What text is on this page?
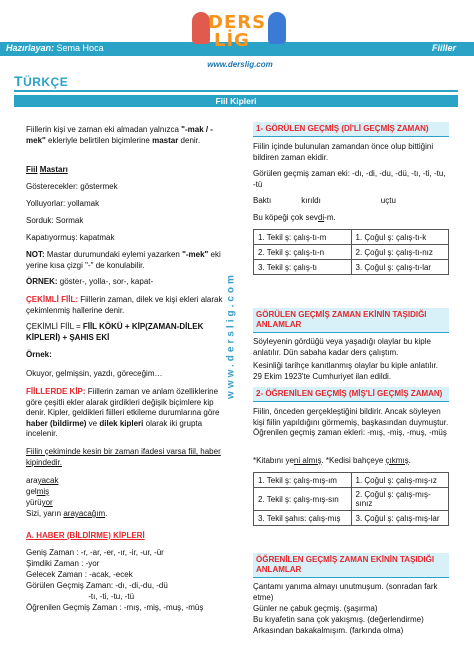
Hazırlayan: Sema Hoca	Fiiller
DERS
LİG
www.derslig.com
TÜRKÇE
Fiil Kipleri
www.derslig.com
Fiillerin kişi ve zaman eki almadan yalnızca "-mak / -mek" ekleriyle belirtilen biçimlerine mastar denir.
Fiil Mastarı
Gösterecekler: göstermek
Yolluyorlar: yollamak
Sorduk: Sormak
Kapatıyormuş: kapatmak
NOT: Mastar durumundaki eylemi yazarken "-mek" eki yerine kısa çizgi "-" de konulabilir.
ÖRNEK: göster-, yolla-, sor-, kapat-
ÇEKİMLİ FİİL: Fiillerin zaman, dilek ve kişi ekleri alarak çekimlenmiş hallerine denir.
ÇEKİMLİ FİİL = FİİL KÖKÜ + KİP(ZAMAN-DİLEK KİPLERİ) + ŞAHIS EKİ
Örnek:
Okuyor, gelmişsin, yazdı, göreceğim…
FİİLLERDE KİP: Fiillerin zaman ve anlam özelliklerine göre çeşitli ekler alarak girdikleri değişik biçimlere kip denir. Kipler, geldikleri fiilleri etkileme durumlarına göre haber (bildirme) ve dilek kipleri olarak iki grupta incelenir.
Fiilin çekiminde kesin bir zaman ifadesi varsa fiil, haber kipindedir.
arayacak
gelmiş
yürüyor
Sizi, yarın arayacağım.
A. HABER (BİLDİRME) KİPLERİ
Geniş Zaman : -r, -ar, -er, -ır, -ir, -ur, -ür
Şimdiki Zaman : -yor
Gelecek Zaman : -acak, -ecek
Görülen Geçmiş Zaman: -dı, -di,-du, -dü
-tı, -ti, -tu, -tü
Öğrenilen Geçmiş Zaman : -mış, -miş, -muş, -müş
1- GÖRÜLEN GEÇMİŞ (Dİ'Lİ GEÇMİŞ ZAMAN)
Fiilin içinde bulunulan zamandan önce olup bittiğini bildiren zaman ekidir.
Görülen geçmiş zaman eki: -dı, -di, -du, -dü, -tı, -ti, -tu, -tü
Baktı	kırıldı	uçtu
Bu köpeği çok sevdi-m.
1. Tekil ş: çalış-tı-m	1. Çoğul ş: çalış-tı-k
2. Tekil ş: çalış-tı-n	2. Çoğul ş: çalış-tı-nız
3. Tekil ş: çalış-tı	3. Çoğul ş: çalış-tı-lar
GÖRÜLEN GEÇMİŞ ZAMAN EKİNİN TAŞIDIĞI ANLAMLAR
Söyleyenin gördüğü veya yaşadığı olaylar bu kiple anlatılır. Dün sabaha kadar ders çalıştım.
Kesinliği tarihçe kanıtlanmış olaylar bu kiple anlatılır. 29 Ekim 1923'te Cumhuriyet ilan edildi.
2- ÖĞRENİLEN GEÇMİŞ (MİŞ'Lİ GEÇMİŞ ZAMAN)
Fiilin, önceden gerçekleştiğini bildirir. Ancak söyleyen kişi fiilin yapıldığını görmemiş, başkasından duymuştur. Öğrenilen geçmiş zaman ekleri: -mış, -miş, -muş, -müş
*Kitabını yeni almış. *Kedisi bahçeye çıkmış.
1. Tekil ş: çalış-mış-ım	1. Çoğul ş: çalış-mış-ız
2. Tekil ş: çalış-mış-sın	2. Çoğul ş: çalış-mış-sınız
3. Tekil şahıs: çalış-mış	3. Çoğul ş: çalış-mış-lar
ÖĞRENİLEN GEÇMİŞ ZAMAN EKİNİN TAŞIDIĞI ANLAMLAR
Çantamı yanıma almayı unutmuşum. (sonradan fark etme)
Günler ne çabuk geçmiş. (şaşırma)
Bu kıyafetin sana çok yakışmış. (değerlendirme)
Arkasından bakakalmışım. (farkında olma)
